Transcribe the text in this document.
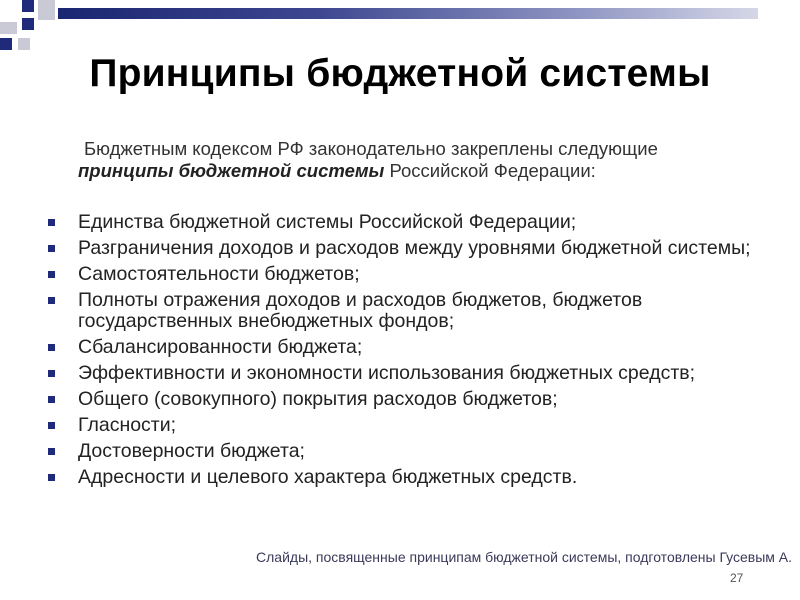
Принципы бюджетной системы
Бюджетным кодексом РФ законодательно закреплены следующие
принципы бюджетной системы Российской Федерации:
Единства бюджетной системы Российской Федерации;
Разграничения доходов и расходов между уровнями бюджетной системы;
Самостоятельности бюджетов;
Полноты отражения доходов и расходов бюджетов, бюджетов государственных внебюджетных фондов;
Сбалансированности бюджета;
Эффективности и экономности использования бюджетных средств;
Общего (совокупного) покрытия расходов бюджетов;
Гласности;
Достоверности бюджета;
Адресности и целевого характера бюджетных средств.
Слайды, посвященные принципам бюджетной системы, подготовлены Гусевым А.
27
